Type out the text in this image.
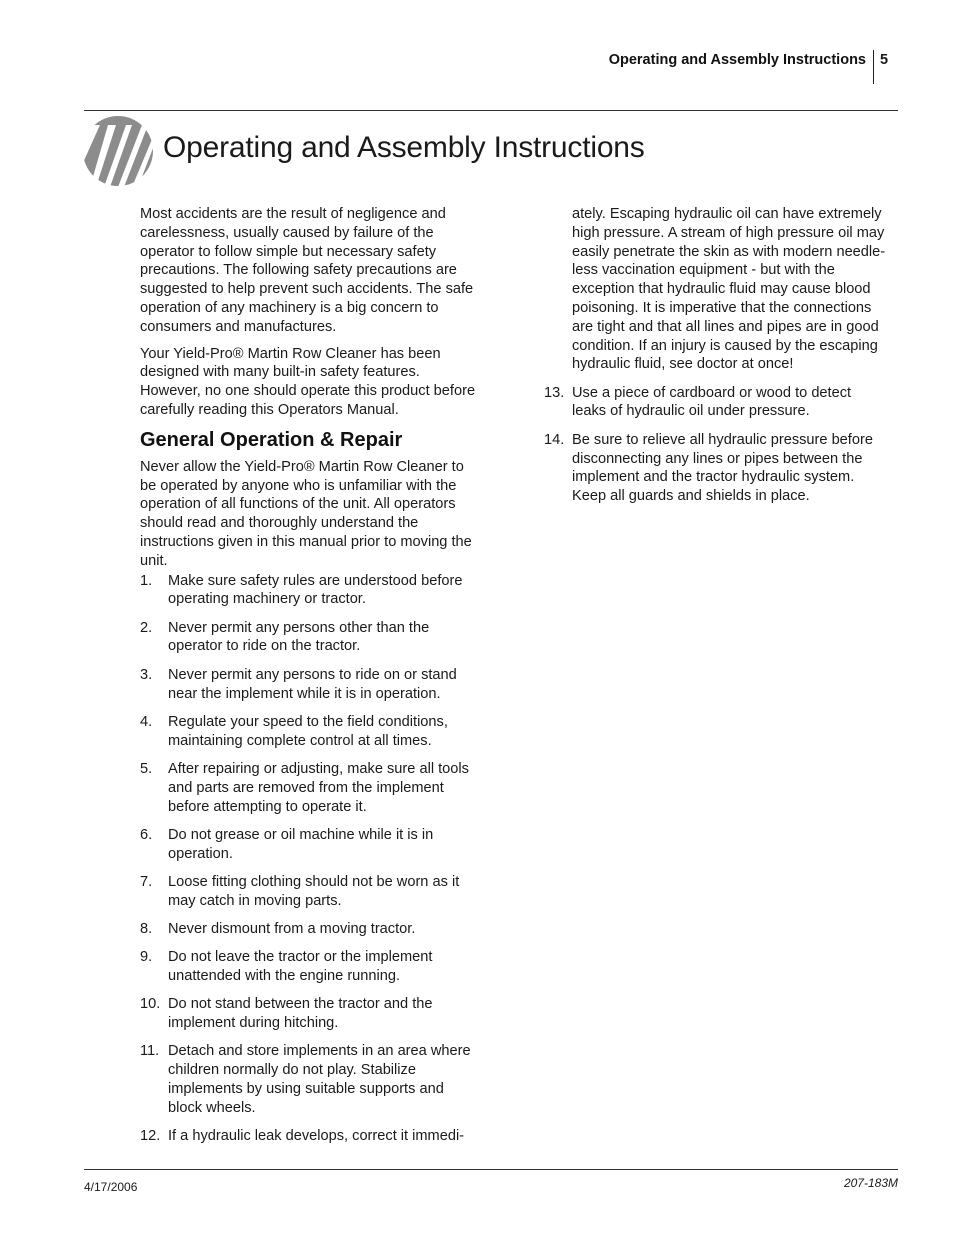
Operating and Assembly Instructions 5
Operating and Assembly Instructions

Most accidents are the result of negligence and carelessness, usually caused by failure of the operator to follow simple but necessary safety precautions. The following safety precautions are suggested to help prevent such accidents. The safe operation of any machinery is a big concern to consumers and manufactures.

Your Yield-Pro® Martin Row Cleaner has been designed with many built-in safety features. However, no one should operate this product before carefully reading this Operators Manual.

General Operation & Repair

Never allow the Yield-Pro® Martin Row Cleaner to be operated by anyone who is unfamiliar with the operation of all functions of the unit. All operators should read and thoroughly understand the instructions given in this manual prior to moving the unit.

1.	Make sure safety rules are understood before operating machinery or tractor.
2.	Never permit any persons other than the operator to ride on the tractor.
3.	Never permit any persons to ride on or stand near the implement while it is in operation.
4.	Regulate your speed to the field conditions, maintaining complete control at all times.
5.	After repairing or adjusting, make sure all tools and parts are removed from the implement before attempting to operate it.
6.	Do not grease or oil machine while it is in operation.
7.	Loose fitting clothing should not be worn as it may catch in moving parts.
8.	Never dismount from a moving tractor.
9.	Do not leave the tractor or the implement unattended with the engine running.
10. Do not stand between the tractor and the implement during hitching.
11. Detach and store implements in an area where children normally do not play. Stabilize implements by using suitable supports and block wheels.
12. If a hydraulic leak develops, correct it immedi-
ately. Escaping hydraulic oil can have extremely high pressure. A stream of high pressure oil may easily penetrate the skin as with modern needle-less vaccination equipment - but with the exception that hydraulic fluid may cause blood poisoning. It is imperative that the connections are tight and that all lines and pipes are in good condition. If an injury is caused by the escaping hydraulic fluid, see doctor at once!
13. Use a piece of cardboard or wood to detect leaks of hydraulic oil under pressure.
14. Be sure to relieve all hydraulic pressure before disconnecting any lines or pipes between the implement and the tractor hydraulic system. Keep all guards and shields in place.
4/17/2006	207-183M
